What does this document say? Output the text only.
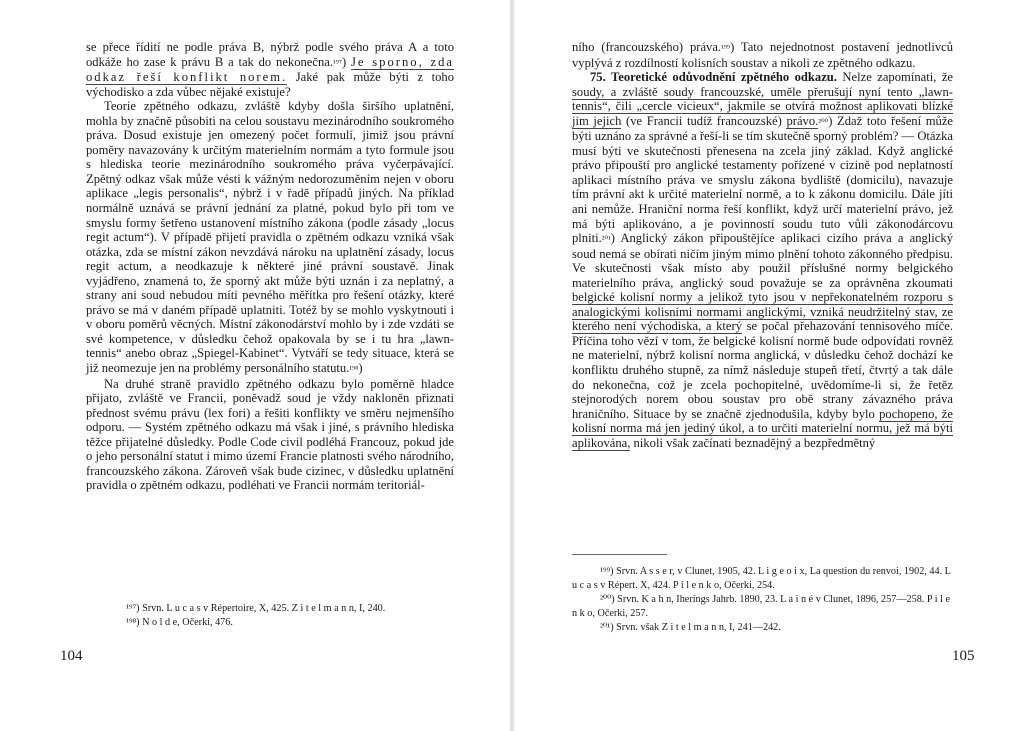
se přece řídití ne podle práva B, nýbrž podle svého práva A a toto odkáže ho zase k právu B a tak do nekonečna.¹⁹⁷) Je sporno, zda odkaz řeší konflikt norem. Jaké pak může býti z toho východisko a zda vůbec nějaké existuje?

Teorie zpětného odkazu, zvláště kdyby došla širšího uplatnění, mohla by značně působiti na celou soustavu mezinárodního soukromého práva. Dosud existuje jen omezený počet formulí, jimiž jsou právní poměry navazovány k určitým materielním normám a tyto formule jsou s hlediska teorie mezinárodního soukromého práva vyčerpávající. Zpětný odkaz však může vésti k vážným nedorozuměním nejen v oboru aplikace „legis personalis“, nýbrž i v řadě případů jiných. Na příklad normálně uznává se právní jednání za platné, pokud bylo při tom ve smyslu formy šetřeno ustanovení místního zákona (podle zásady „locus regit actum“). V případě přijetí pravidla o zpětném odkazu vzniká však otázka, zda se místní zákon nevzdává nároku na uplatnění zásady, locus regit actum, a neodkazuje k některé jiné právní soustavě. Jinak vyjádřeno, znamená to, že sporný akt může býti uznán i za neplatný, a strany ani soud nebudou míti pevného měřítka pro řešení otázky, které právo se má v daném případě uplatniti. Totéž by se mohlo vyskytnouti i v oboru poměrů věcných. Místní zákonodárství mohlo by i zde vzdáti se své kompetence, v důsledku čehož opakovala by se i tu hra „lawn-tennis“ anebo obraz „Spiegel-Kabinet“. Vytváří se tedy situace, která se již neomezuje jen na problémy personálního statutu.¹⁹⁸)

Na druhé straně pravidlo zpětného odkazu bylo poměrně hladce přijato, zvláště ve Francii, poněvadž soud je vždy nakloněn přiznati přednost svému právu (lex fori) a řešiti konflikty ve směru nejmenšího odporu. — Systém zpětného odkazu má však i jiné, s právního hlediska těžce přijatelné důsledky. Podle Code civil podléhá Francouz, pokud jde o jeho personální statut i mimo území Francie platnosti svého národního, francouzského zákona. Zároveň však bude cizinec, v důsledku uplatnění pravidla o zpětném odkazu, podléhati ve Francii normám teritoriál-

¹⁹⁷) Srvn. L u c a s v Répertoire, X, 425. Z i t e l m a n n, I, 240.
¹⁹⁸) N o l d e, Očerki, 476.
104

ního (francouzského) práva.¹⁹⁹) Tato nejednotnost postavení jednotlivců vyplývá z rozdílností kolisních soustav a nikoli ze zpětného odkazu.

75. Teoretické odůvodnění zpětného odkazu. Nelze zapomínati, že soudy, a zvláště soudy francouzské, uměle přerušují nyní tento „lawn-tennis“, čili „cercle vicieux“, jakmile se otvírá možnost aplikovati blízké jim jejich (ve Francii tudíž francouzské) právo.²⁰⁰) Zdaž toto řešení může býti uznáno za správné a řeší-li se tím skutečně sporný problém? — Otázka musí býti ve skutečnosti přenesena na zcela jiný základ. Když anglické právo připouští pro anglické testamenty pořízené v cizině pod neplatností aplikaci místního práva ve smyslu zákona bydliště (domicilu), navazuje tím právní akt k určité materielní normě, a to k zákonu domicilu. Dále jíti ani nemůže. Hraniční norma řeší konflikt, když určí materielní právo, jež má býti aplikováno, a je povinností soudu tuto vůli zákonodárcovu plniti.²⁰¹) Anglický zákon připouštějíce aplikaci cizího práva a anglický soud nemá se obírati ničím jiným mimo plnění tohoto zákonného předpisu. Ve skutečnosti však místo aby použil příslušné normy belgického materielního práva, anglický soud považuje se za oprávněna zkoumati belgické kolisní normy a jelikož tyto jsou v nepřekonatelném rozporu s analogickými kolisními normami anglickými, vzniká neudržitelný stav, ze kterého není východiska, a který se počal přehazování tennisového míče. Příčina toho vězí v tom, že belgické kolisní normě bude odpovídati rovněž ne materielní, nýbrž kolisní norma anglická, v důsledku čehož dochází ke konfliktu druhého stupně, za nímž následuje stupeň třetí, čtvrtý a tak dále do nekonečna, což je zcela pochopitelné, uvědomíme-li si, že řetěz stejnorodých norem obou soustav pro obě strany závazného práva hraničního. Situace by se značně zjednodušila, kdyby bylo pochopeno, že kolisní norma má jen jediný úkol, a to určiti materielní normu, jež má býti aplikována, nikoli však začínati beznadějný a bezpředmětný

¹⁹⁹) Srvn. A s s e r, v Clunet, 1905, 42. L i g e o i x, La question du renvoi, 1902, 44. L u c a s v Répert. X, 424. P i l e n k o, Očerki, 254.
²⁰⁰) Srvn. K a h n, Iherings Jahrb. 1890, 23. L a i n é v Clunet, 1896, 257—258. P i l e n k o, Očerki, 257.
²⁰¹) Srvn. však Z i t e l m a n n, I, 241—242.
105
